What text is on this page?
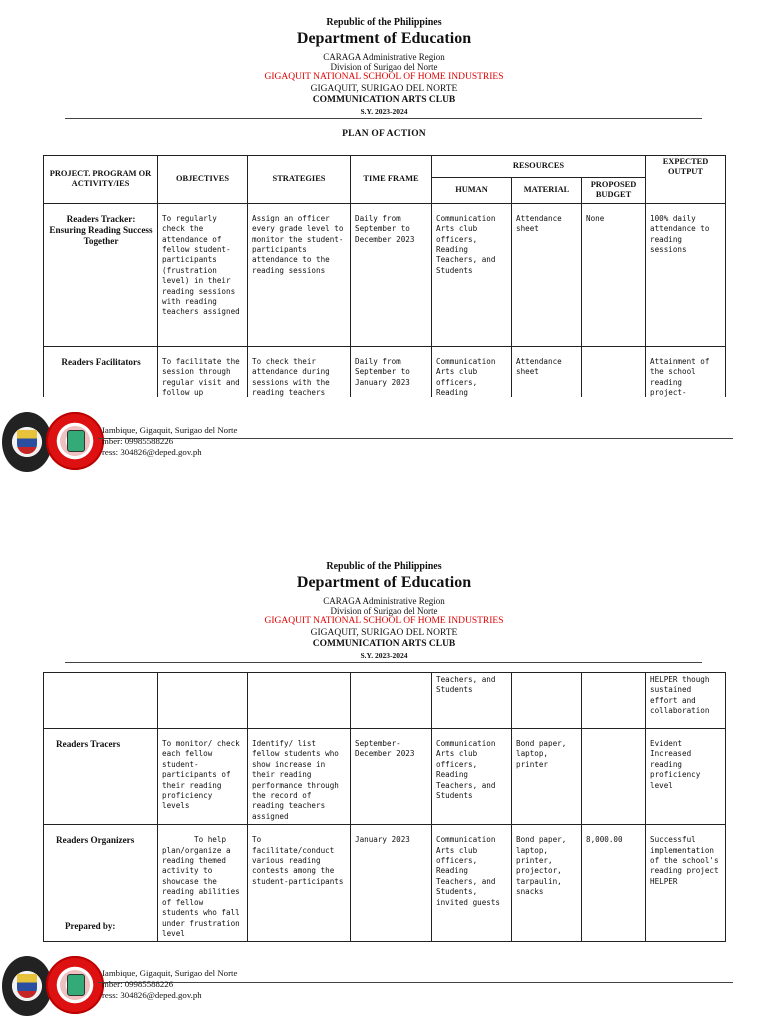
Republic of the Philippines
Department of Education
CARAGA Administrative Region
Division of Surigao del Norte
GIGAQUIT NATIONAL SCHOOL OF HOME INDUSTRIES
GIGAQUIT, SURIGAO DEL NORTE
COMMUNICATION ARTS CLUB
S.Y. 2023-2024
PLAN OF ACTION
PROJECT. PROGRAM OR ACTIVITY/IES	OBJECTIVES	STRATEGIES	TIME FRAME	RESOURCES			EXPECTED OUTPUT
				HUMAN	MATERIAL	PROPOSED BUDGET	
Readers Tracker: Ensuring Reading Success Together	To regularly check the attendance of fellow student-participants (frustration level) in their reading sessions with reading teachers assigned	Assign an officer every grade level to monitor the student-participants attendance to the reading sessions	Daily from September to December 2023	Communication Arts club officers, Reading Teachers, and Students	Attendance sheet	None	100% daily attendance to reading sessions
Readers Facilitators	To facilitate the session through regular visit and follow up	To check their attendance during sessions with the reading teachers	Daily from September to January 2023	Communication Arts club officers, Reading	Attendance sheet		Attainment of the school reading project-
Iambique, Gigaquit, Surigao del Norte
mber: 09985588226
ress: 304826@deped.gov.ph
Republic of the Philippines
Department of Education
CARAGA Administrative Region
Division of Surigao del Norte
GIGAQUIT NATIONAL SCHOOL OF HOME INDUSTRIES
GIGAQUIT, SURIGAO DEL NORTE
COMMUNICATION ARTS CLUB
S.Y. 2023-2024
				Teachers, and Students			HELPER though sustained effort and collaboration
Readers Tracers	To monitor/ check each fellow student-participants of their reading proficiency levels	Identify/ list fellow students who show increase in their reading performance through the record of reading teachers assigned	September-December 2023	Communication Arts club officers, Reading Teachers, and Students	Bond paper, laptop, printer		Evident Increased reading proficiency level
Readers Organizers	To help plan/organize a reading themed activity to showcase the reading abilities of fellow students who fall under frustration level	To facilitate/conduct various reading contests among the student-participants	January 2023	Communication Arts club officers, Reading Teachers, and Students, invited guests	Bond paper, laptop, printer, projector, tarpaulin, snacks	8,000.00	Successful implementation of the school's reading project HELPER
Prepared by:
Iambique, Gigaquit, Surigao del Norte
mber: 09985588226
ress: 304826@deped.gov.ph
